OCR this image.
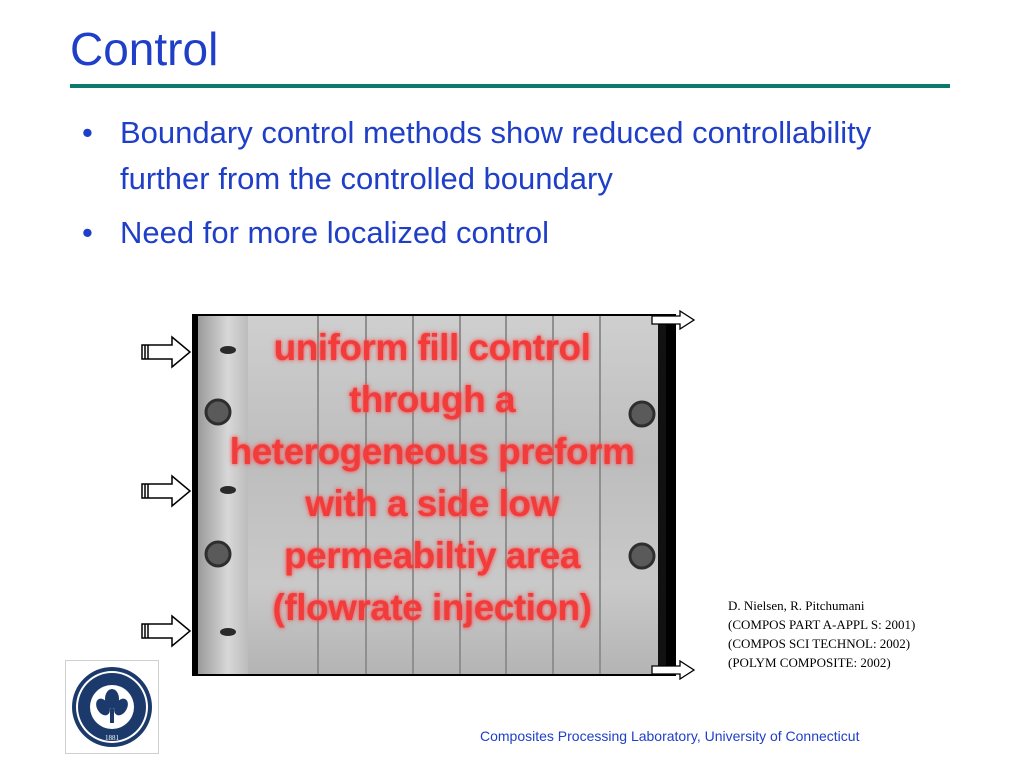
Control
• Boundary control methods show reduced controllability further from the controlled boundary
• Need for more localized control
uniform fill control
through a
heterogeneous preform
with a side low
permeabiltiy area
(flowrate injection)	D. Nielsen, R. Pitchumani
(COMPOS PART A-APPL S: 2001)
(COMPOS SCI TECHNOL: 2002)
(POLYM COMPOSITE: 2002)
1881	Composites Processing Laboratory, University of Connecticut
